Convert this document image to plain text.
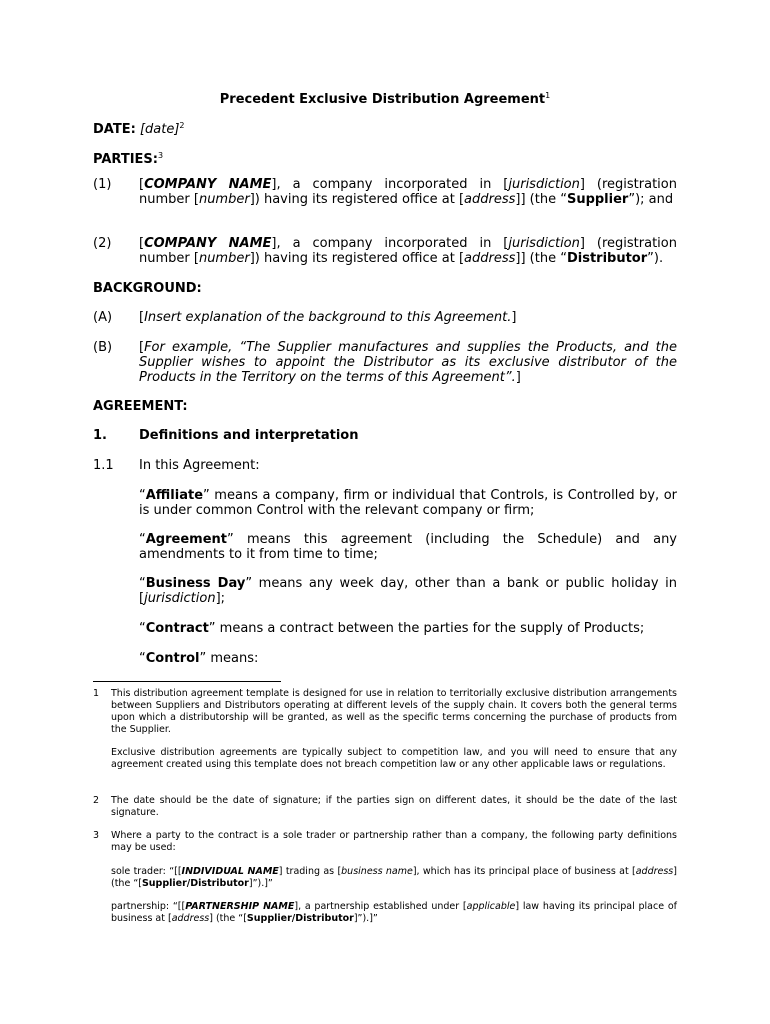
Precedent Exclusive Distribution Agreement$^1$
DATE: [date]$^2$
PARTIES:$^3$
(1) [COMPANY NAME], a company incorporated in [jurisdiction] (registration number [number]) having its registered office at [address]] (the “Supplier”); and
(2) [COMPANY NAME], a company incorporated in [jurisdiction] (registration number [number]) having its registered office at [address]] (the “Distributor”).
BACKGROUND:
(A) [Insert explanation of the background to this Agreement.]
(B) [For example, “The Supplier manufactures and supplies the Products, and the Supplier wishes to appoint the Distributor as its exclusive distributor of the Products in the Territory on the terms of this Agreement”.]
AGREEMENT:
1. Definitions and interpretation
1.1 In this Agreement:
“Affiliate” means a company, firm or individual that Controls, is Controlled by, or is under common Control with the relevant company or firm;
“Agreement” means this agreement (including the Schedule) and any amendments to it from time to time;
“Business Day” means any week day, other than a bank or public holiday in [jurisdiction];
“Contract” means a contract between the parties for the supply of Products;
“Control” means:
1 This distribution agreement template is designed for use in relation to territorially exclusive distribution arrangements between Suppliers and Distributors operating at different levels of the supply chain. It covers both the general terms upon which a distributorship will be granted, as well as the specific terms concerning the purchase of products from the Supplier.
Exclusive distribution agreements are typically subject to competition law, and you will need to ensure that any agreement created using this template does not breach competition law or any other applicable laws or regulations.
2 The date should be the date of signature; if the parties sign on different dates, it should be the date of the last signature.
3 Where a party to the contract is a sole trader or partnership rather than a company, the following party definitions may be used:
sole trader: “[[INDIVIDUAL NAME] trading as [business name], which has its principal place of business at [address] (the “[Supplier/Distributor]”).]”
partnership: “[[PARTNERSHIP NAME], a partnership established under [applicable] law having its principal place of business at [address] (the “[Supplier/Distributor]”).]”
